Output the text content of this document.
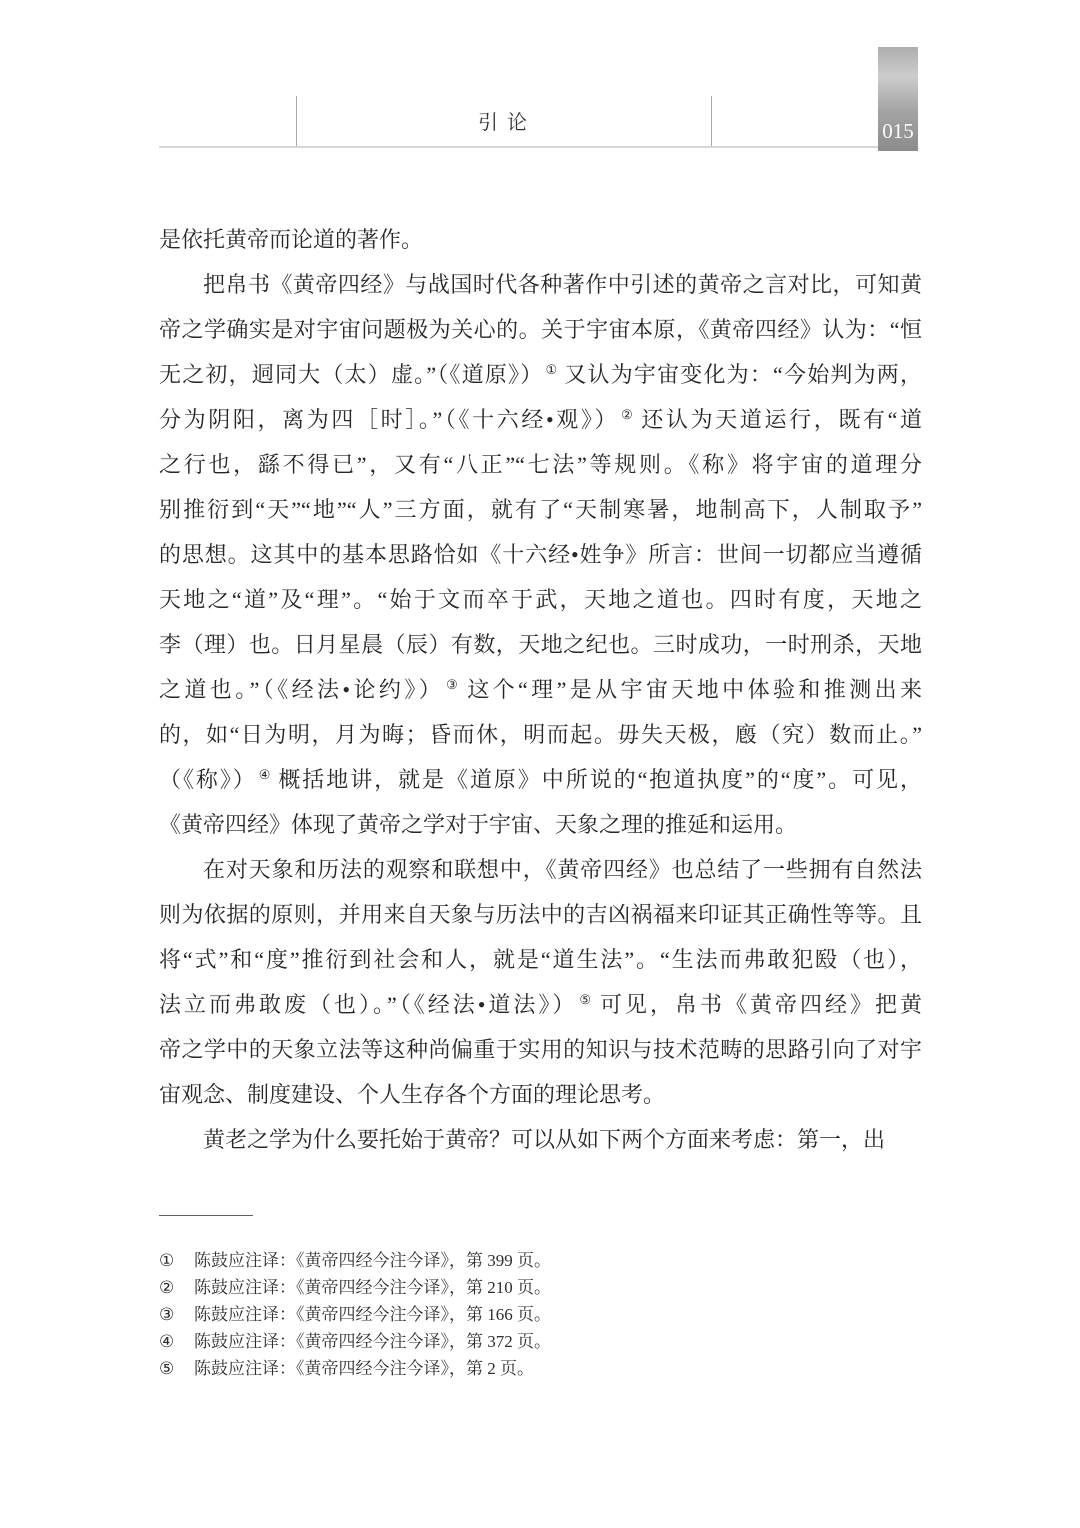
引 论	015
是依托黄帝而论道的著作。
把帛书《黄帝四经》与战国时代各种著作中引述的黄帝之言对比，可知黄
帝之学确实是对宇宙问题极为关心的。关于宇宙本原，《黄帝四经》认为：“恒
无之初，迵同大（太）虚。”（《道原》） ① 又认为宇宙变化为：“今始判为两，
分为阴阳，离为四［时］。”（《十六经•观》） ② 还认为天道运行，既有“道
之行也，繇不得已”，又有“八正”“七法”等规则。《称》将宇宙的道理分
别推衍到“天”“地”“人”三方面，就有了“天制寒暑，地制高下，人制取予”
的思想。这其中的基本思路恰如《十六经•姓争》所言：世间一切都应当遵循
天地之“道”及“理”。“始于文而卒于武，天地之道也。四时有度，天地之
李（理）也。日月星晨（辰）有数，天地之纪也。三时成功，一时刑杀，天地
之道也。”（《经法•论约》） ③ 这个“理”是从宇宙天地中体验和推测出来
的，如“日为明，月为晦；昏而休，明而起。毋失天极，廏（究）数而止。”
（《称》） ④ 概括地讲，就是《道原》中所说的“抱道执度”的“度”。可见，
《黄帝四经》体现了黄帝之学对于宇宙、天象之理的推延和运用。
在对天象和历法的观察和联想中，《黄帝四经》也总结了一些拥有自然法
则为依据的原则，并用来自天象与历法中的吉凶祸福来印证其正确性等等。且
将“式”和“度”推衍到社会和人，就是“道生法”。“生法而弗敢犯殹（也），
法立而弗敢废（也）。”（《经法•道法》） ⑤ 可见，帛书《黄帝四经》把黄
帝之学中的天象立法等这种尚偏重于实用的知识与技术范畴的思路引向了对宇
宙观念、制度建设、个人生存各个方面的理论思考。
黄老之学为什么要托始于黄帝？可以从如下两个方面来考虑：第一，出
①	陈鼓应注译：《黄帝四经今注今译》，第 399 页。
②	陈鼓应注译：《黄帝四经今注今译》，第 210 页。
③	陈鼓应注译：《黄帝四经今注今译》，第 166 页。
④	陈鼓应注译：《黄帝四经今注今译》，第 372 页。
⑤	陈鼓应注译：《黄帝四经今注今译》，第 2 页。
